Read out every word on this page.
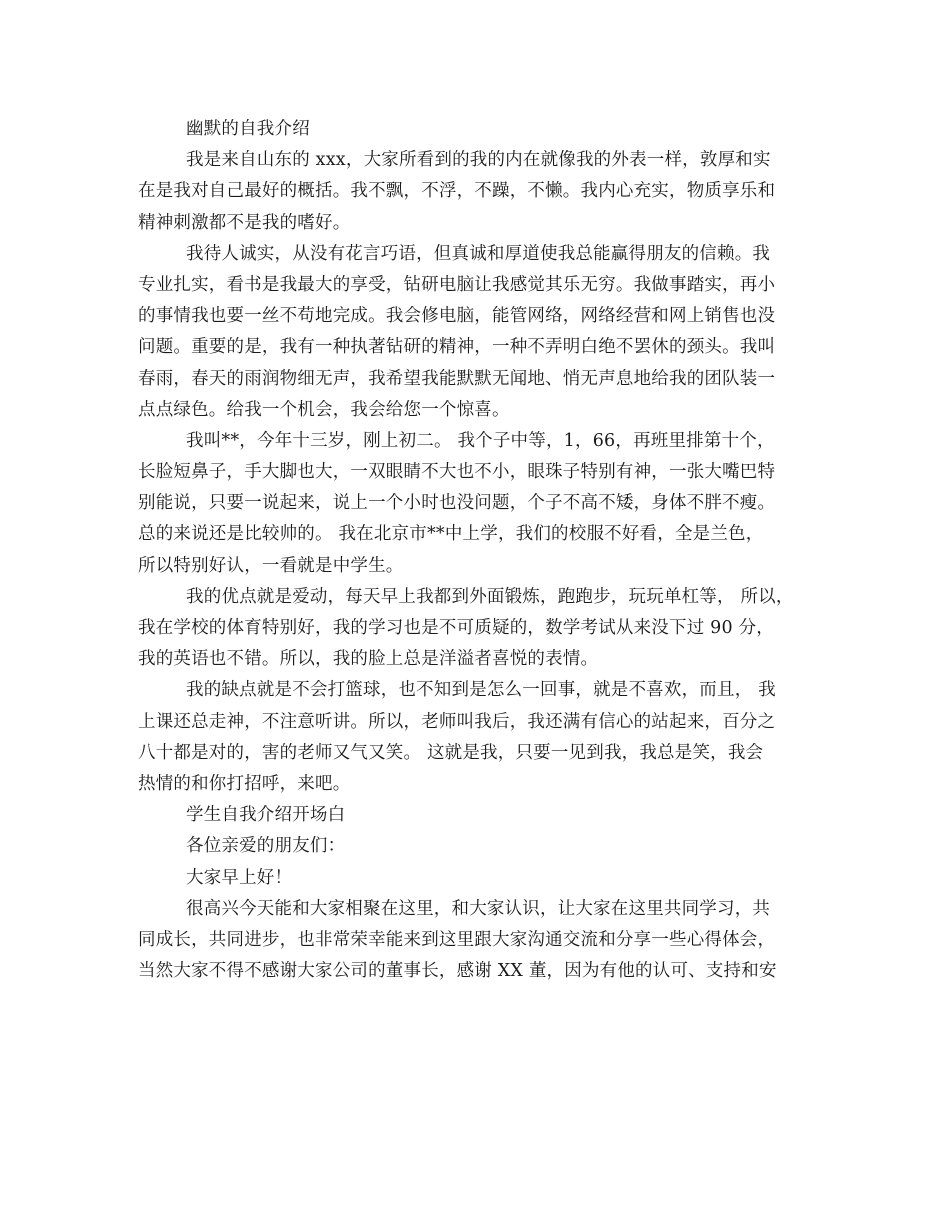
幽默的自我介绍
我是来自山东的 xxx，大家所看到的我的内在就像我的外表一样，敦厚和实
在是我对自己最好的概括。我不飘，不浮，不躁，不懒。我内心充实，物质享乐和
精神刺激都不是我的嗜好。
我待人诚实，从没有花言巧语，但真诚和厚道使我总能赢得朋友的信赖。我
专业扎实，看书是我最大的享受，钻研电脑让我感觉其乐无穷。我做事踏实，再小
的事情我也要一丝不苟地完成。我会修电脑，能管网络，网络经营和网上销售也没
问题。重要的是，我有一种执著钻研的精神，一种不弄明白绝不罢休的颈头。我叫
春雨，春天的雨润物细无声，我希望我能默默无闻地、悄无声息地给我的团队装一
点点绿色。给我一个机会，我会给您一个惊喜。
我叫**，今年十三岁，刚上初二。 我个子中等，1，66，再班里排第十个，
长脸短鼻子，手大脚也大，一双眼睛不大也不小，眼珠子特别有神，一张大嘴巴特
别能说，只要一说起来，说上一个小时也没问题，个子不高不矮，身体不胖不瘦。
总的来说还是比较帅的。 我在北京市**中上学，我们的校服不好看，全是兰色，
所以特别好认，一看就是中学生。
我的优点就是爱动，每天早上我都到外面锻炼，跑跑步，玩玩单杠等， 所以，
我在学校的体育特别好，我的学习也是不可质疑的，数学考试从来没下过 90 分，
我的英语也不错。所以，我的脸上总是洋溢者喜悦的表情。
我的缺点就是不会打篮球，也不知到是怎么一回事，就是不喜欢，而且， 我
上课还总走神，不注意听讲。所以，老师叫我后，我还满有信心的站起来，百分之
八十都是对的，害的老师又气又笑。 这就是我，只要一见到我，我总是笑，我会
热情的和你打招呼，来吧。
学生自我介绍开场白
各位亲爱的朋友们：
大家早上好！
很高兴今天能和大家相聚在这里，和大家认识，让大家在这里共同学习，共
同成长，共同进步，也非常荣幸能来到这里跟大家沟通交流和分享一些心得体会，
当然大家不得不感谢大家公司的董事长，感谢 XX 董，因为有他的认可、支持和安
